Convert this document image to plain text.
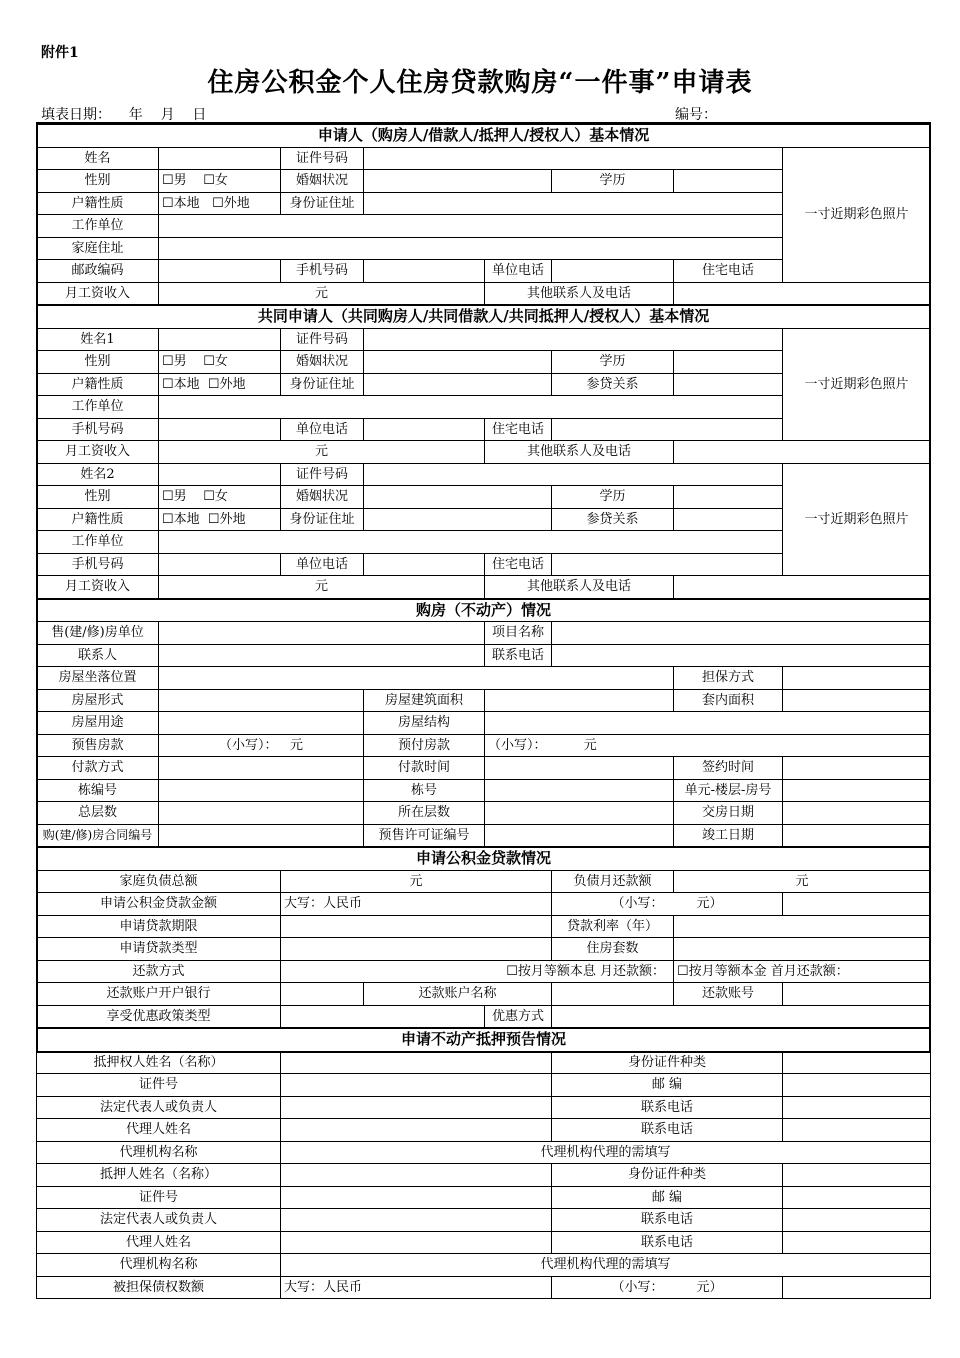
附件1
住房公积金个人住房贷款购房“一件事”申请表
填表日期：    年    月    日	编号：
申请人（购房人/借款人/抵押人/授权人）基本情况							
姓名		证件号码					一寸近期彩色照片
性别	☐男 ☐女	婚姻状况			学历		
户籍性质	☐本地 ☐外地	身份证住址					
工作单位							
家庭住址							
邮政编码		手机号码		单位电话		住宅电话	
月工资收入	元			其他联系人及电话			
共同申请人（共同购房人/共同借款人/共同抵押人/授权人）基本情况							
姓名1		证件号码					一寸近期彩色照片
性别	☐男 ☐女	婚姻状况			学历		
户籍性质	☐本地 ☐外地	身份证住址			参贷关系		
工作单位							
手机号码		单位电话		住宅电话			
月工资收入	元			其他联系人及电话			
姓名2		证件号码					一寸近期彩色照片
性别	☐男 ☐女	婚姻状况			学历		
户籍性质	☐本地 ☐外地	身份证住址			参贷关系		
工作单位							
手机号码		单位电话		住宅电话			
月工资收入	元			其他联系人及电话			
购房（不动产）情况							
售(建/修)房单位				项目名称			
联系人				联系电话			
房屋坐落位置						担保方式	
房屋形式			房屋建筑面积			套内面积	
房屋用途			房屋结构				
预售房款	（小写）： 元		预付房款	（小写）： 元			
付款方式			付款时间			签约时间	
栋编号			栋号			单元-楼层-房号	
总层数			所在层数			交房日期	
购(建/修)房合同编号			预售许可证编号			竣工日期	
申请公积金贷款情况							
家庭负债总额		元			负债月还款额	元	
申请公积金贷款金额		大写：人民币			（小写： 元）		
申请贷款期限					贷款利率（年）		
申请贷款类型					住房套数		
还款方式		☐按月等额本息 月还款额：				☐按月等额本金 首月还款额：	
还款账户开户银行			还款账户名称			还款账号	
享受优惠政策类型				优惠方式			
申请不动产抵押预告情况							
抵押权人姓名（名称）					身份证件种类		
证件号					邮 编		
法定代表人或负责人					联系电话		
代理人姓名					联系电话		
代理机构名称		代理机构代理的需填写					
抵押人姓名（名称）					身份证件种类		
证件号					邮 编		
法定代表人或负责人					联系电话		
代理人姓名					联系电话		
代理机构名称		代理机构代理的需填写					
被担保债权数额		大写：人民币			（小写： 元）		
